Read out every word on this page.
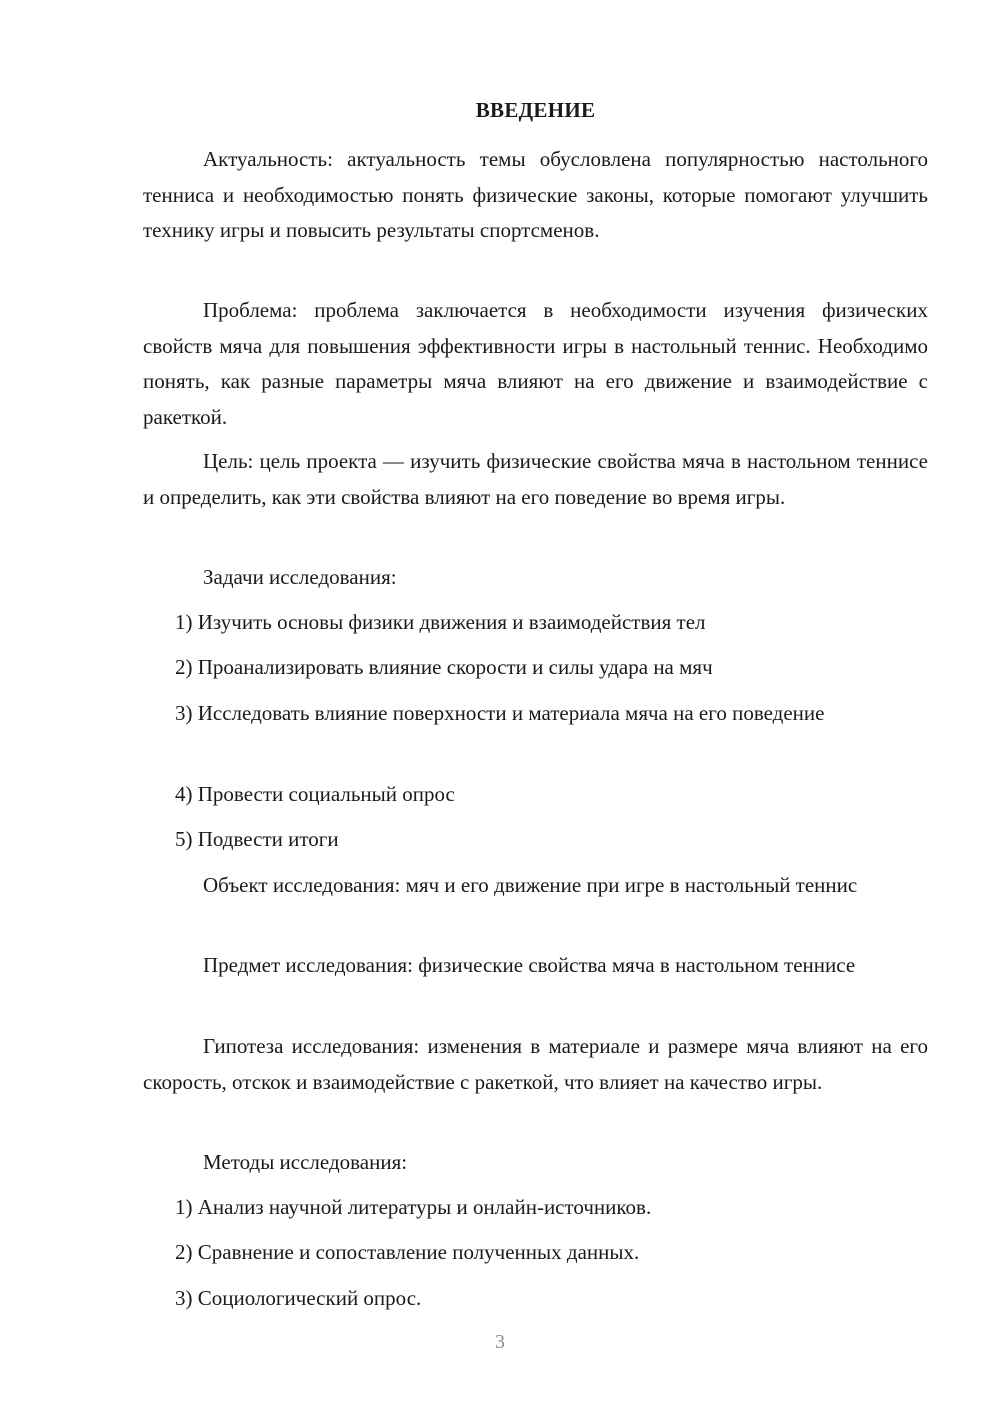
ВВЕДЕНИЕ

Актуальность: актуальность темы обусловлена популярностью настольного тенниса и необходимостью понять физические законы, которые помогают улучшить технику игры и повысить результаты спортсменов.

Проблема: проблема заключается в необходимости изучения физических свойств мяча для повышения эффективности игры в настольный теннис. Необходимо понять, как разные параметры мяча влияют на его движение и взаимодействие с ракеткой.

Цель: цель проекта — изучить физические свойства мяча в настольном теннисе и определить, как эти свойства влияют на его поведение во время игры.

Задачи исследования:

1) Изучить основы физики движения и взаимодействия тел

2) Проанализировать влияние скорости и силы удара на мяч

3) Исследовать влияние поверхности и материала мяча на его поведение

4) Провести социальный опрос

5) Подвести итоги

Объект исследования: мяч и его движение при игре в настольный теннис

Предмет исследования: физические свойства мяча в настольном теннисе

Гипотеза исследования: изменения в материале и размере мяча влияют на его скорость, отскок и взаимодействие с ракеткой, что влияет на качество игры.

Методы исследования:

1) Анализ научной литературы и онлайн-источников.

2) Сравнение и сопоставление полученных данных.

3) Социологический опрос.

3
